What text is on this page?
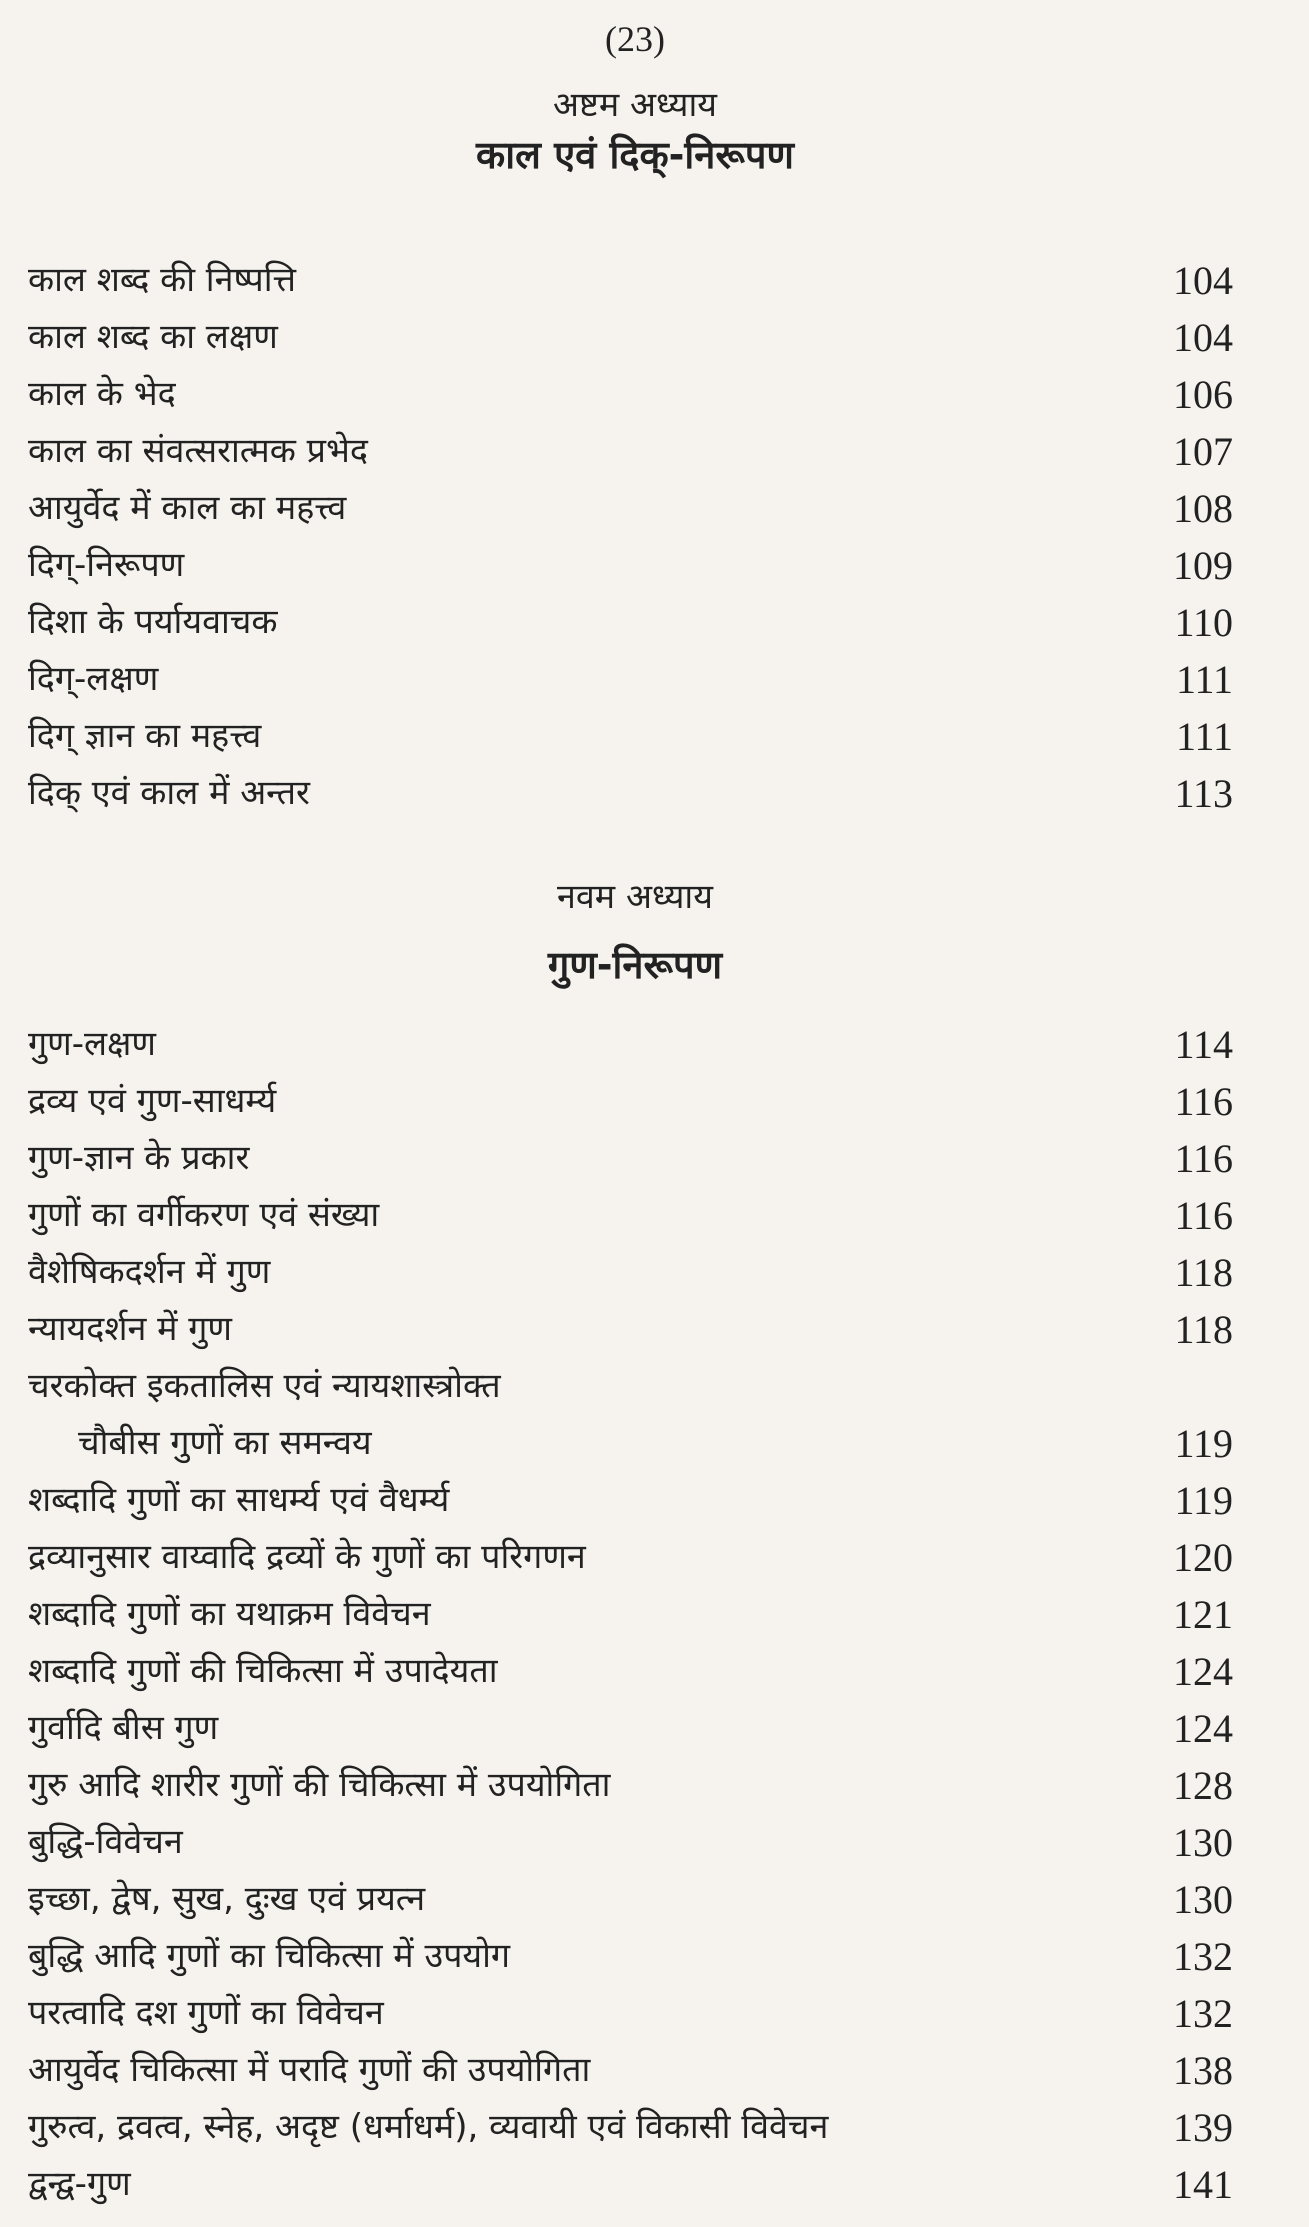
(23)
अष्टम अध्याय
काल एवं दिक्-निरूपण
काल शब्द की निष्पत्ति	104
काल शब्द का लक्षण	104
काल के भेद	106
काल का संवत्सरात्मक प्रभेद	107
आयुर्वेद में काल का महत्त्व	108
दिग्-निरूपण	109
दिशा के पर्यायवाचक	110
दिग्-लक्षण	111
दिग् ज्ञान का महत्त्व	111
दिक् एवं काल में अन्तर	113
नवम अध्याय
गुण-निरूपण
गुण-लक्षण	114
द्रव्य एवं गुण-साधर्म्य	116
गुण-ज्ञान के प्रकार	116
गुणों का वर्गीकरण एवं संख्या	116
वैशेषिकदर्शन में गुण	118
न्यायदर्शन में गुण	118
चरकोक्त इकतालिस एवं न्यायशास्त्रोक्त
चौबीस गुणों का समन्वय	119
शब्दादि गुणों का साधर्म्य एवं वैधर्म्य	119
द्रव्यानुसार वाय्वादि द्रव्यों के गुणों का परिगणन	120
शब्दादि गुणों का यथाक्रम विवेचन	121
शब्दादि गुणों की चिकित्सा में उपादेयता	124
गुर्वादि बीस गुण	124
गुरु आदि शारीर गुणों की चिकित्सा में उपयोगिता	128
बुद्धि-विवेचन	130
इच्छा, द्वेष, सुख, दुःख एवं प्रयत्न	130
बुद्धि आदि गुणों का चिकित्सा में उपयोग	132
परत्वादि दश गुणों का विवेचन	132
आयुर्वेद चिकित्सा में परादि गुणों की उपयोगिता	138
गुरुत्व, द्रवत्व, स्नेह, अदृष्ट (धर्माधर्म), व्यवायी एवं विकासी विवेचन	139
द्वन्द्व-गुण	141
